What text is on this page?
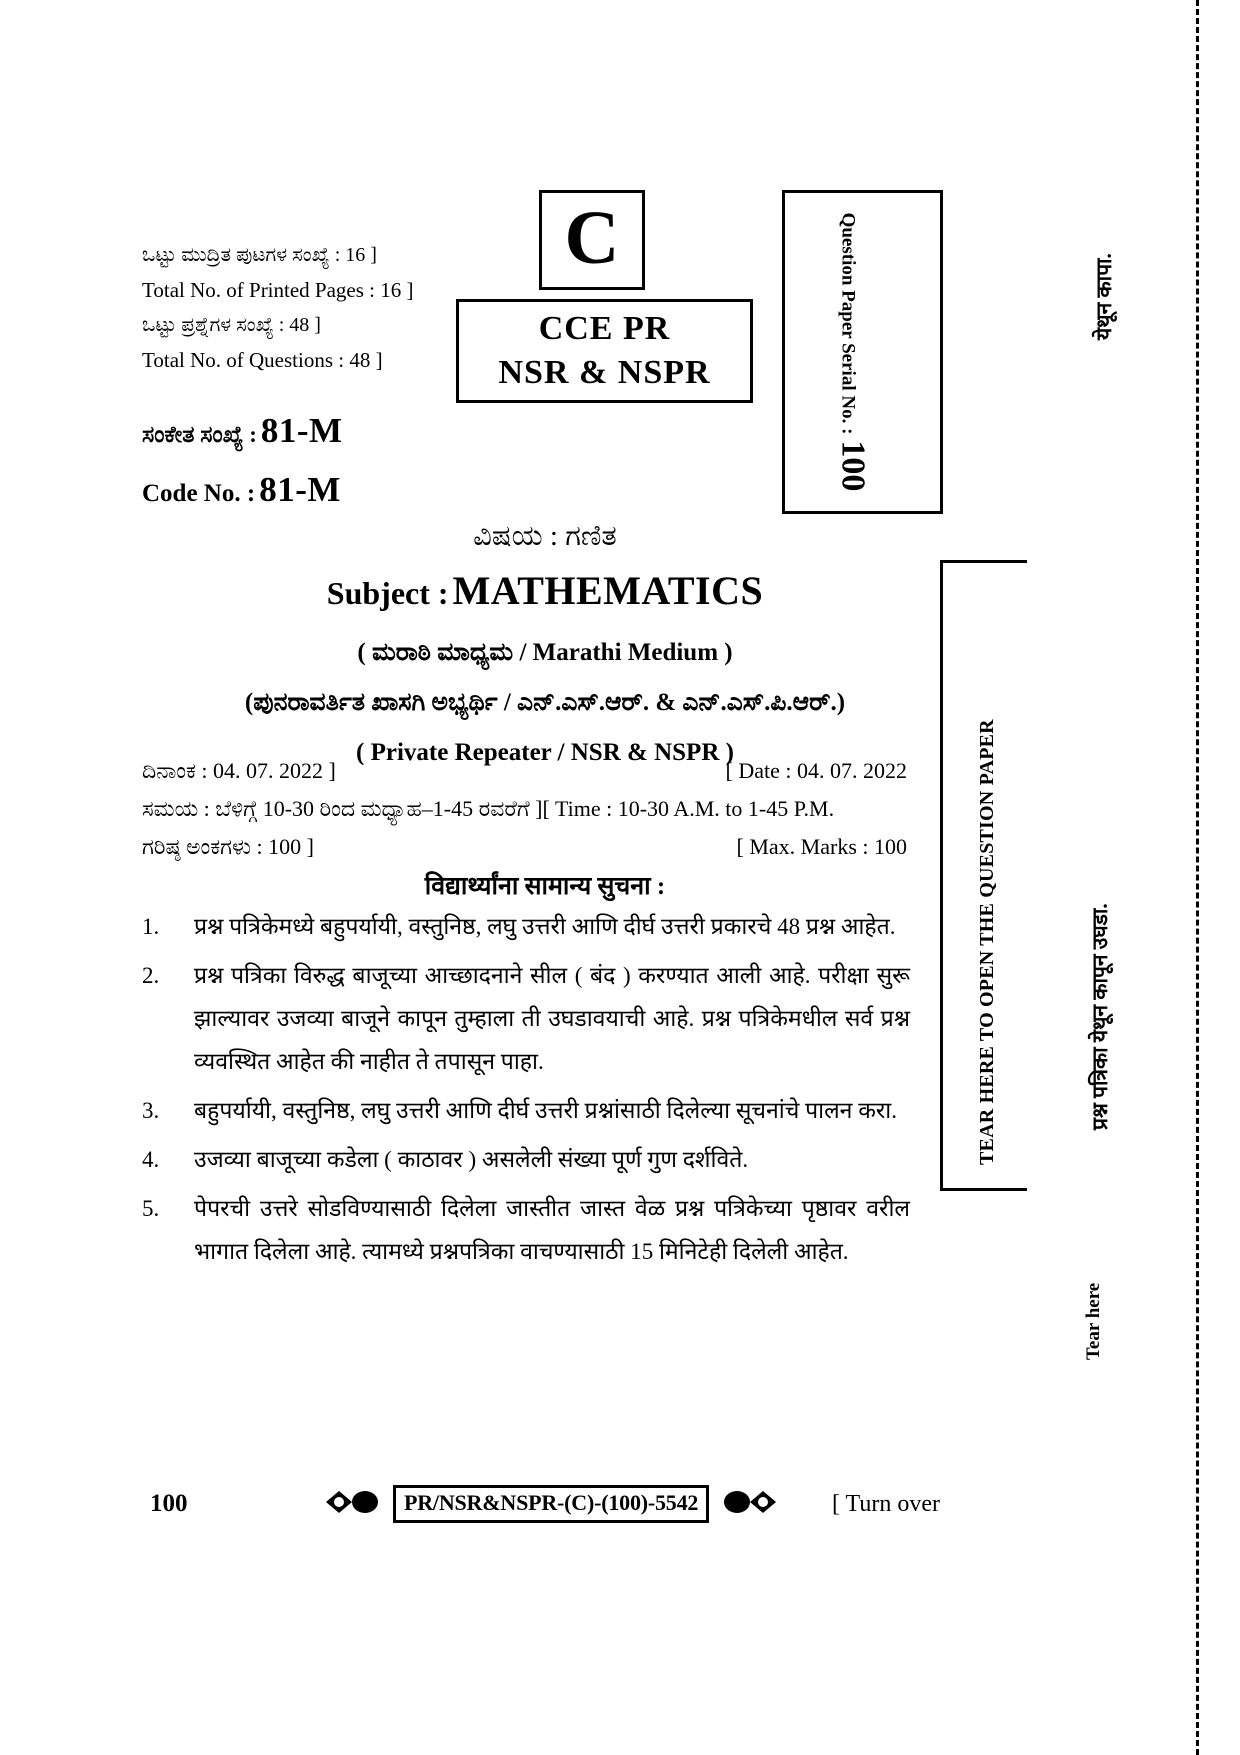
ಒಟ್ಟು ಮುದ್ರಿತ ಪುಟಗಳ ಸಂಖ್ಯೆ : 16 ]
Total No. of Printed Pages : 16 ]
ಒಟ್ಟು ಪ್ರಶ್ನೆಗಳ ಸಂಖ್ಯೆ : 48 ]
Total No. of Questions : 48 ]
ಸಂಕೇತ ಸಂಖ್ಯೆ : 81-M
Code No. : 81-M
C
CCE PR
NSR & NSPR	Question Paper Serial No. :
100
येथून कापा.
TEAR HERE TO OPEN THE QUESTION PAPER	प्रश्न पत्रिका येथून कापून उघडा.
Tear here
ವಿಷಯ : ಗಣಿತ
Subject : MATHEMATICS
( ಮರಾಠಿ ಮಾಧ್ಯಮ / Marathi Medium )
(ಪುನರಾವರ್ತಿತ ಖಾಸಗಿ ಅಭ್ಯರ್ಥಿ / ಎನ್.ಎಸ್.ಆರ್. & ಎನ್.ಎಸ್.ಪಿ.ಆರ್.)
( Private Repeater / NSR & NSPR )
ದಿನಾಂಕ : 04. 07. 2022 ]	[ Date : 04. 07. 2022
ಸಮಯ : ಬೆಳಿಗ್ಗೆ 10-30 ರಿಂದ ಮಧ್ಯಾಹ–1-45 ರವರೆಗೆ ] [ Time : 10-30 A.M. to 1-45 P.M.
ಗರಿಷ್ಠ ಅಂಕಗಳು : 100 ]	[ Max. Marks : 100
विद्यार्थ्यांना सामान्य सुचना :
1.	प्रश्न पत्रिकेमध्ये बहुपर्यायी, वस्तुनिष्ठ, लघु उत्तरी आणि दीर्घ उत्तरी प्रकारचे 48 प्रश्न आहेत.
2.	प्रश्न पत्रिका विरुद्ध बाजूच्या आच्छादनाने सील ( बंद ) करण्यात आली आहे. परीक्षा सुरू झाल्यावर उजव्या बाजूने कापून तुम्हाला ती उघडावयाची आहे. प्रश्न पत्रिकेमधील सर्व प्रश्न व्यवस्थित आहेत की नाहीत ते तपासून पाहा.
3.	बहुपर्यायी, वस्तुनिष्ठ, लघु उत्तरी आणि दीर्घ उत्तरी प्रश्नांसाठी दिलेल्या सूचनांचे पालन करा.
4.	उजव्या बाजूच्या कडेला ( काठावर ) असलेली संख्या पूर्ण गुण दर्शविते.
5.	पेपरची उत्तरे सोडविण्यासाठी दिलेला जास्तीत जास्त वेळ प्रश्न पत्रिकेच्या पृष्ठावर वरील भागात दिलेला आहे. त्यामध्ये प्रश्नपत्रिका वाचण्यासाठी 15 मिनिटेही दिलेली आहेत.
100	PR/NSR&NSPR-(C)-(100)-5542	[ Turn over
